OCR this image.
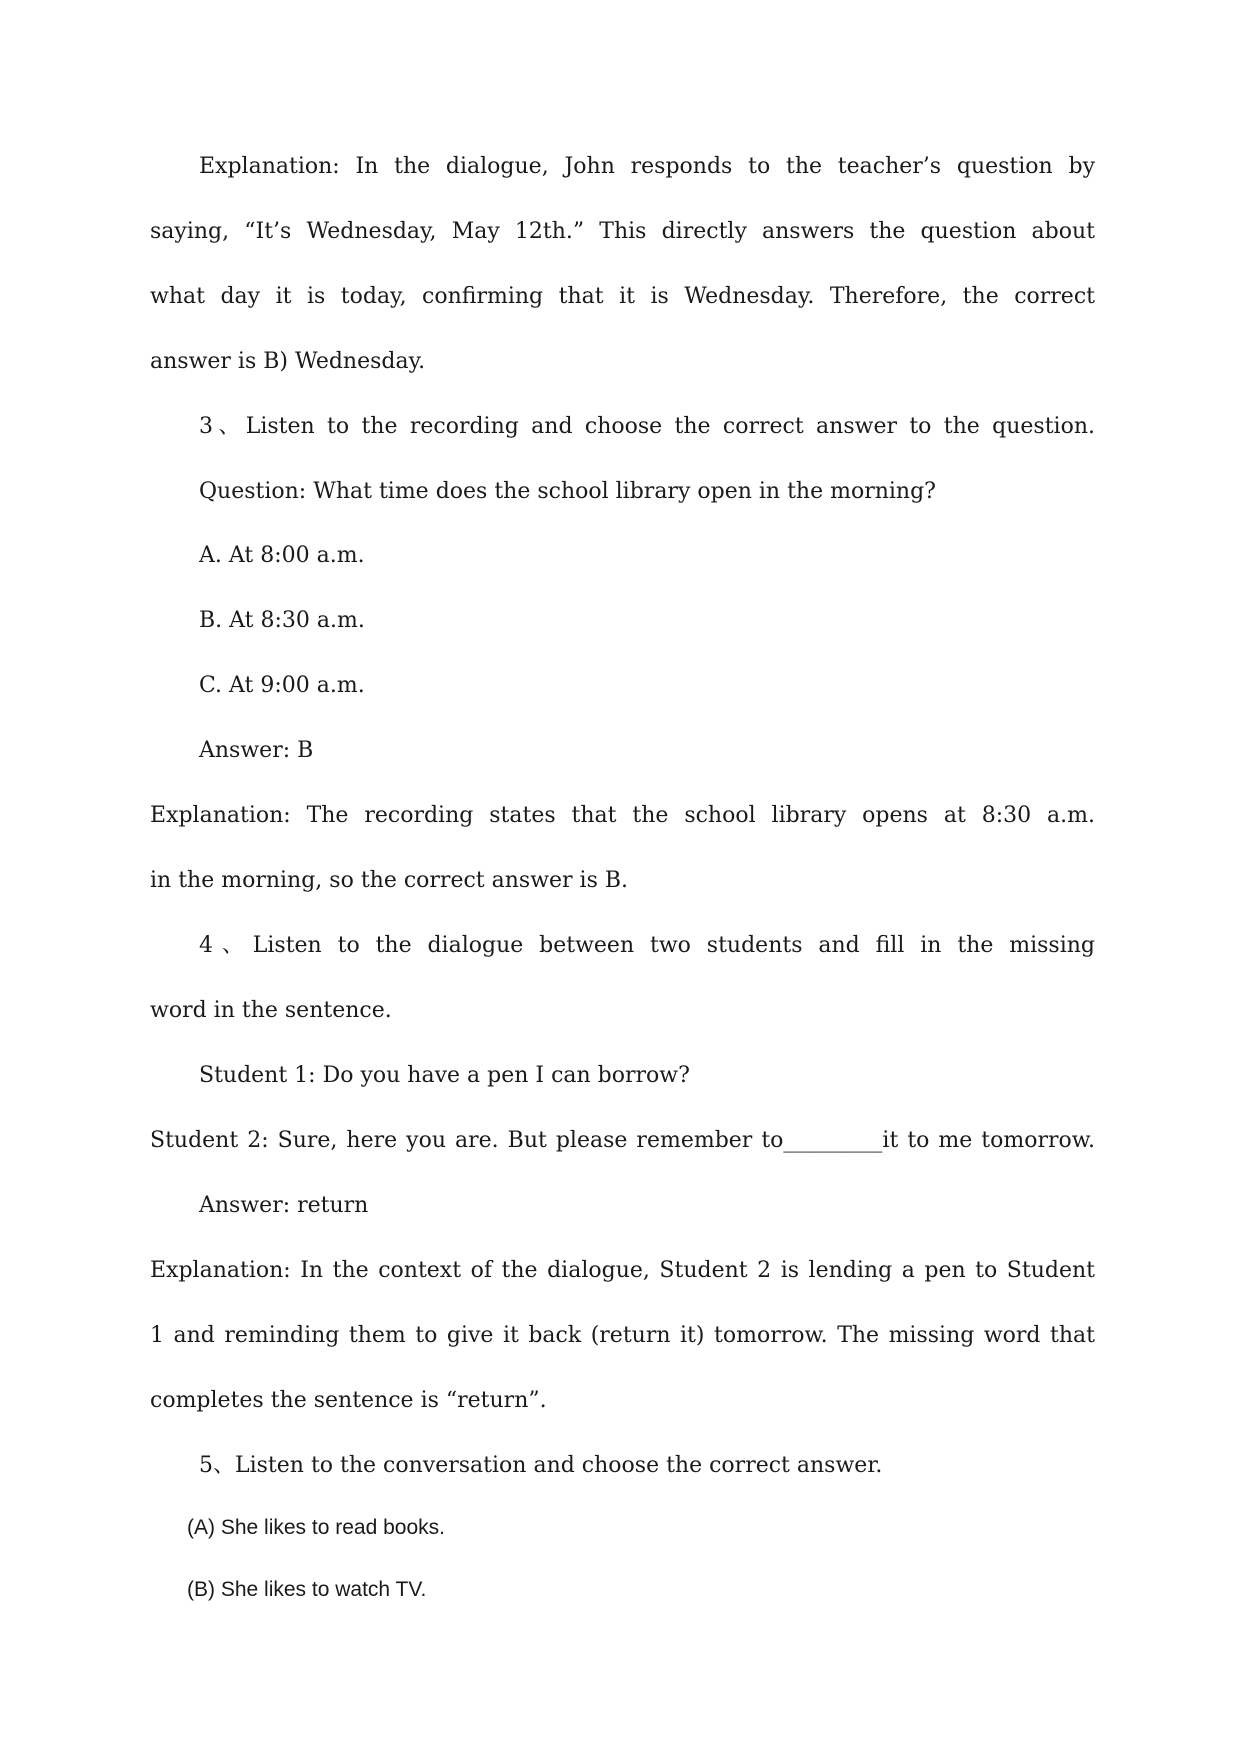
Explanation: In the dialogue, John responds to the teacher’s question by
saying, “It’s Wednesday, May 12th.” This directly answers the question about
what day it is today, confirming that it is Wednesday. Therefore, the correct
answer is B) Wednesday.
3、Listen to the recording and choose the correct answer to the question.
Question: What time does the school library open in the morning?
A. At 8:00 a.m.
B. At 8:30 a.m.
C. At 9:00 a.m.
Answer: B
Explanation: The recording states that the school library opens at 8:30 a.m.
in the morning, so the correct answer is B.
4、Listen to the dialogue between two students and fill in the missing
word in the sentence.
Student 1: Do you have a pen I can borrow?
Student 2: Sure, here you are. But please remember to_________it to me tomorrow.
Answer: return
Explanation: In the context of the dialogue, Student 2 is lending a pen to Student
1 and reminding them to give it back (return it) tomorrow. The missing word that
completes the sentence is “return”.
5、Listen to the conversation and choose the correct answer.
(A) She likes to read books.
(B) She likes to watch TV.
